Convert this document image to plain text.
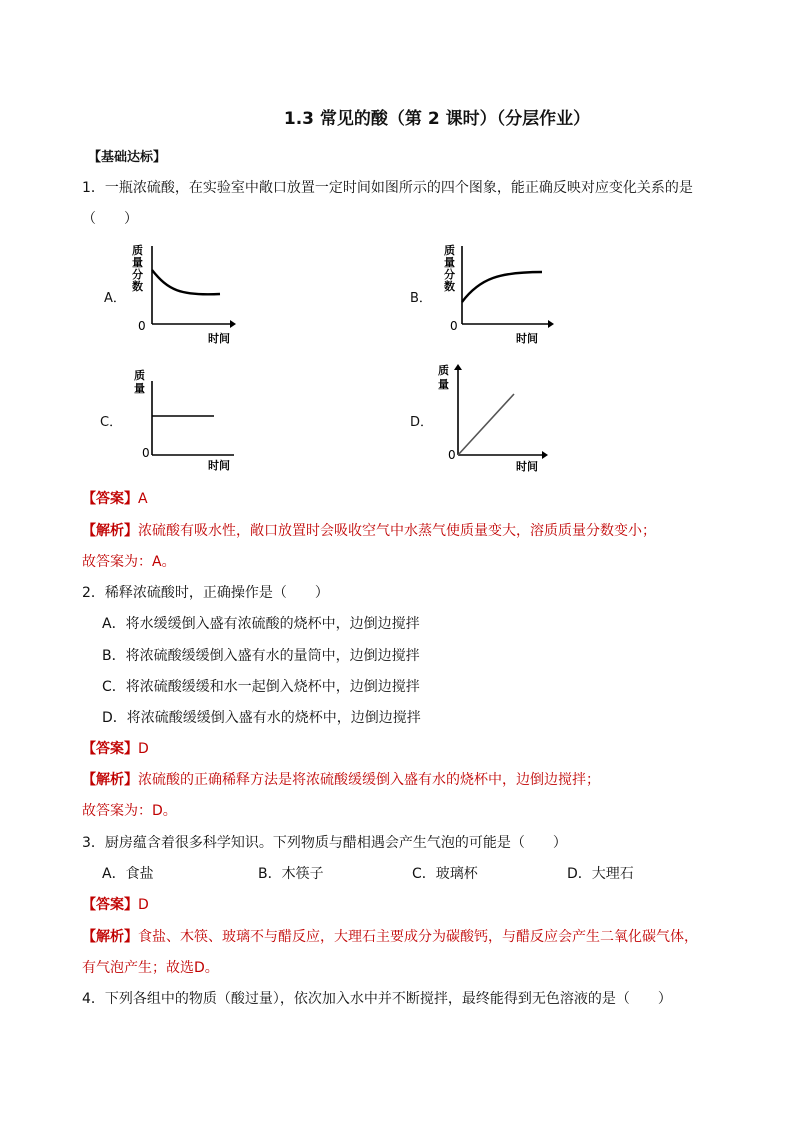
1.3 常见的酸（第 2 课时）（分层作业）
【基础达标】
1．一瓶浓硫酸，在实验室中敞口放置一定时间如图所示的四个图象，能正确反映对应变化关系的是
（　　）
A．
质
量
分
数
0
时间
B．
质
量
分
数
0
时间
C．
质
量
0
时间
D．
质
量
0
时间
【答案】A
【解析】浓硫酸有吸水性，敞口放置时会吸收空气中水蒸气使质量变大，溶质质量分数变小；
故答案为：A。
2．稀释浓硫酸时，正确操作是（　　）
A．将水缓缓倒入盛有浓硫酸的烧杯中，边倒边搅拌
B．将浓硫酸缓缓倒入盛有水的量筒中，边倒边搅拌
C．将浓硫酸缓缓和水一起倒入烧杯中，边倒边搅拌
D．将浓硫酸缓缓倒入盛有水的烧杯中，边倒边搅拌
【答案】D
【解析】浓硫酸的正确稀释方法是将浓硫酸缓缓倒入盛有水的烧杯中，边倒边搅拌；
故答案为：D。
3．厨房蕴含着很多科学知识。下列物质与醋相遇会产生气泡的可能是（　　）
A．食盐	B．木筷子	C．玻璃杯	D．大理石
【答案】D
【解析】食盐、木筷、玻璃不与醋反应，大理石主要成分为碳酸钙，与醋反应会产生二氧化碳气体，
有气泡产生；故选D。
4．下列各组中的物质（酸过量），依次加入水中并不断搅拌，最终能得到无色溶液的是（　　）
